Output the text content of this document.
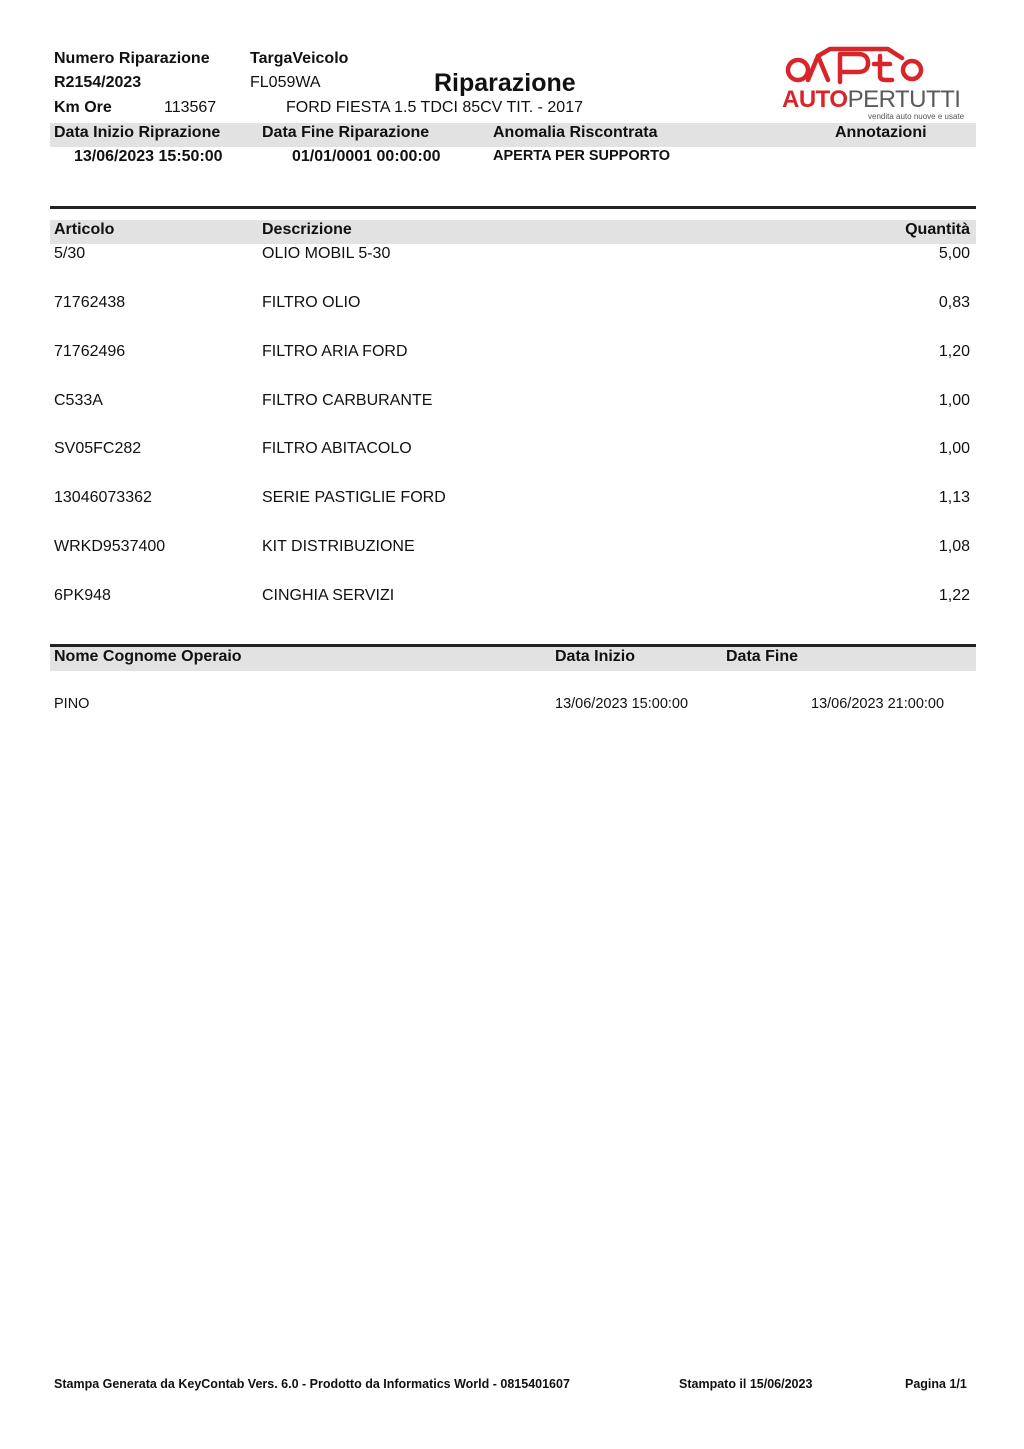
Numero Riparazione
R2154/2023
Km Ore	113567
TargaVeicolo
FL059WA	Riparazione
FORD FIESTA 1.5 TDCI 85CV TIT. - 2017	AUTOPERTUTTI
vendita auto nuove e usate
Data Inizio Riprazione	Data Fine Riparazione	Anomalia Riscontrata	Annotazioni
13/06/2023 15:50:00	01/01/0001 00:00:00	APERTA PER SUPPORTO
Articolo	Descrizione	Quantità
5/30	OLIO MOBIL 5-30	5,00
71762438	FILTRO OLIO	0,83
71762496	FILTRO ARIA FORD	1,20
C533A	FILTRO CARBURANTE	1,00
SV05FC282	FILTRO ABITACOLO	1,00
13046073362	SERIE PASTIGLIE FORD	1,13
WRKD9537400	KIT DISTRIBUZIONE	1,08
6PK948	CINGHIA SERVIZI	1,22
Nome Cognome Operaio	Data Inizio	Data Fine
PINO	13/06/2023 15:00:00	13/06/2023 21:00:00
Stampa Generata da KeyContab Vers. 6.0 - Prodotto da Informatics World - 0815401607	Stampato il 15/06/2023	Pagina 1/1
